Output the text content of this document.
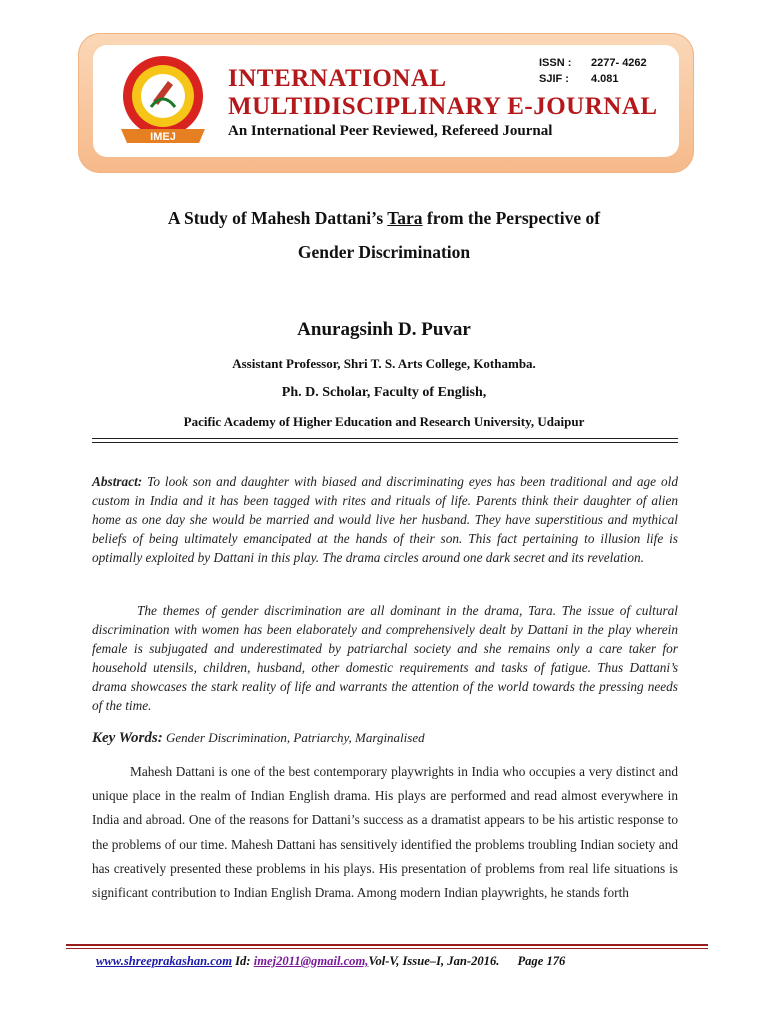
IMEJ
INTERNATIONAL
MULTIDISCIPLINARY E-JOURNAL
An International Peer Reviewed, Refereed Journal
ISSN :	2277- 4262
SJIF :	4.081
A Study of Mahesh Dattani’s Tara from the Perspective of
Gender Discrimination
Anuragsinh D. Puvar
Assistant Professor, Shri T. S. Arts College, Kothamba.
Ph. D. Scholar, Faculty of English,
Pacific Academy of Higher Education and Research University, Udaipur
Abstract: To look son and daughter with biased and discriminating eyes has been traditional and age old custom in India and it has been tagged with rites and rituals of life. Parents think their daughter of alien home as one day she would be married and would live her husband. They have superstitious and mythical beliefs of being ultimately emancipated at the hands of their son. This fact pertaining to illusion life is optimally exploited by Dattani in this play. The drama circles around one dark secret and its revelation.
The themes of gender discrimination are all dominant in the drama, Tara. The issue of cultural discrimination with women has been elaborately and comprehensively dealt by Dattani in the play wherein female is subjugated and underestimated by patriarchal society and she remains only a care taker for household utensils, children, husband, other domestic requirements and tasks of fatigue. Thus Dattani’s drama showcases the stark reality of life and warrants the attention of the world towards the pressing needs of the time.
Key Words: Gender Discrimination, Patriarchy, Marginalised
Mahesh Dattani is one of the best contemporary playwrights in India who occupies a very distinct and unique place in the realm of Indian English drama. His plays are performed and read almost everywhere in India and abroad. One of the reasons for Dattani’s success as a dramatist appears to be his artistic response to the problems of our time. Mahesh Dattani has sensitively identified the problems troubling Indian society and has creatively presented these problems in his plays. His presentation of problems from real life situations is significant contribution to Indian English Drama. Among modern Indian playwrights, he stands forth
www.shreeprakashan.com Id: imej2011@gmail.com,Vol-V, Issue–I, Jan-2016. Page 176
